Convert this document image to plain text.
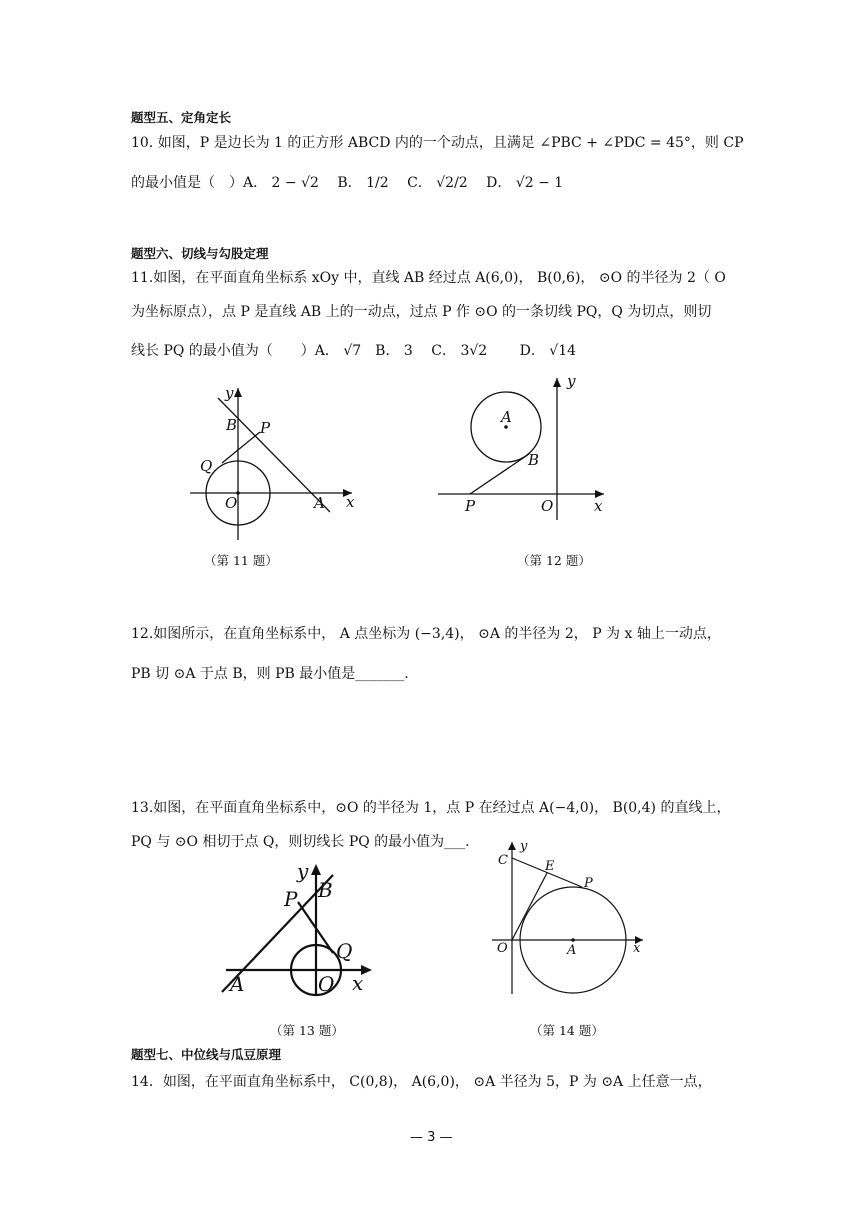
题型五、定角定长
10. 如图，P 是边长为 1 的正方形 ABCD 内的一个动点，且满足 ∠PBC + ∠PDC = 45°，则 CP
的最小值是（　）A． 2 − √2　 B． 1/2　 C． √2/2　 D． √2 − 1
题型六、切线与勾股定理
11.如图，在平面直角坐标系 xOy 中，直线 AB 经过点 A(6,0)， B(0,6)， ⊙O 的半径为 2（ O
为坐标原点），点 P 是直线 AB 上的一动点，过点 P 作 ⊙O 的一条切线 PQ，Q 为切点，则切
线长 PQ 的最小值为（　　）A． √7　B． 3　 C． 3√2　　 D． √14
y
x
B P
Q
O	A
y
x
A
B
P	O
（第 11 题）	（第 12 题）
12.如图所示，在直角坐标系中， A 点坐标为 (−3,4)， ⊙A 的半径为 2， P 为 x 轴上一动点，
PB 切 ⊙A 于点 B，则 PB 最小值是_______.
13.如图，在平面直角坐标系中，⊙O 的半径为 1，点 P 在经过点 A(−4,0)， B(0,4) 的直线上，
PQ 与 ⊙O 相切于点 Q，则切线长 PQ 的最小值为___.
y
x
B
P
Q
A	O
y
x
C	E
P
O	A
（第 13 题）	（第 14 题）
题型七、中位线与瓜豆原理
14．如图，在平面直角坐标系中， C(0,8)， A(6,0)， ⊙A 半径为 5，P 为 ⊙A 上任意一点，
— 3 —
